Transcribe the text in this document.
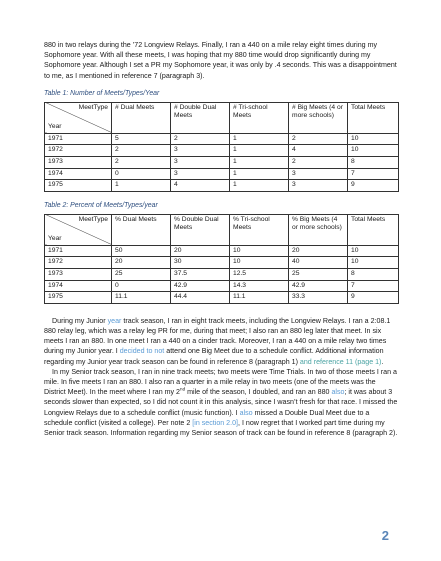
880 in two relays during the ’72 Longview Relays. Finally, I ran a 440 on a mile relay eight times during my Sophomore year. With all these meets, I was hoping that my 880 time would drop significantly during my Sophomore year. Although I set a PR my Sophomore year, it was only by .4 seconds. This was a disappointment to me, as I mentioned in reference 7 (paragraph 3).

Table 1: Number of Meets/Types/Year

MeetType
Year	# Dual Meets	# Double Dual Meets	# Tri-school Meets	# Big Meets (4 or more schools)	Total Meets
1971	5	2	1	2	10
1972	2	3	1	4	10
1973	2	3	1	2	8
1974	0	3	1	3	7
1975	1	4	1	3	9

Table 2: Percent of Meets/Types/year

MeetType
Year	% Dual Meets	% Double Dual Meets	% Tri-school Meets	% Big Meets (4 or more schools)	Total Meets
1971	50	20	10	20	10
1972	20	30	10	40	10
1973	25	37.5	12.5	25	8
1974	0	42.9	14.3	42.9	7
1975	11.1	44.4	11.1	33.3	9

During my Junior year track season, I ran in eight track meets, including the Longview Relays. I ran a 2:08.1 880 relay leg, which was a relay leg PR for me, during that meet; I also ran an 880 leg later that meet. In six meets I ran an 880. In one meet I ran a 440 on a cinder track. Moreover, I ran a 440 on a mile relay two times during my Junior year. I decided to not attend one Big Meet due to a schedule conflict. Additional information regarding my Junior year track season can be found in reference 8 (paragraph 1) and reference 11 (page 1).

In my Senior track season, I ran in nine track meets; two meets were Time Trials. In two of those meets I ran a mile. In five meets I ran an 880. I also ran a quarter in a mile relay in two meets (one of the meets was the District Meet). In the meet where I ran my 2nd mile of the season, I doubled, and ran an 880 also; it was about 3 seconds slower than expected, so I did not count it in this analysis, since I wasn’t fresh for that race. I missed the Longview Relays due to a schedule conflict (music function). I also missed a Double Dual Meet due to a schedule conflict (visited a college). Per note 2 [in section 2.0], I now regret that I worked part time during my Senior track season. Information regarding my Senior season of track can be found in reference 8 (paragraph 2).

2
